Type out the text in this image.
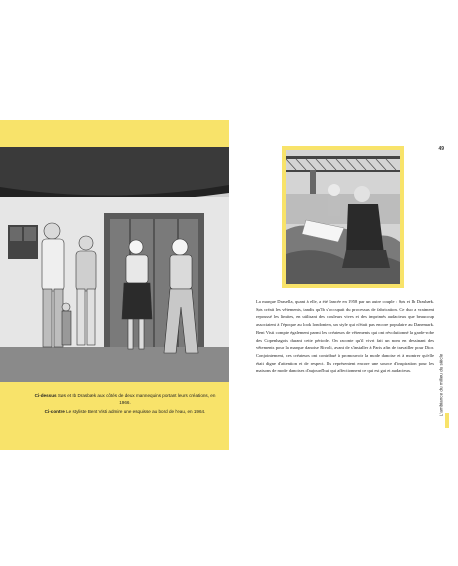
Ci-dessus Søs et Ib Drasbæk aux côtés de deux mannequins portant leurs créations, en 1966.

Ci-contre Le styliste Bent Visti admire une esquisse au bord de l'eau, en 1964.

49
La marque Drasella, quant à elle, a été lancée en 1958 par un autre couple : Søs et Ib Drasbæk. Søs créait les vêtements, tandis qu'Ib s'occupait du processus de fabrication. Ce duo a vraiment repoussé les limites, en utilisant des couleurs vives et des imprimés audacieux que beaucoup associaient à l'époque au look londonien, un style qui n'était pas encore populaire au Danemark. Bent Visti compte également parmi les créateurs de vêtements qui ont révolutionné la garde-robe des Copenhagois durant cette période. On raconte qu'il vivrt fait un nom en dessinant des vêtements pour la marque danoise Rivoli, avant de s'installer à Paris afin de travailler pour Dior. Conjointement, ces créateurs ont contribué à promouvoir la mode danoise et à montrer qu'elle était digne d'attention et de respect. Ils représentent encore une source d'inspiration pour les maisons de mode danoises d'aujourd'hui qui affectionnent ce qui est gai et audacieux.	L'ambiance du milieu du siècle
